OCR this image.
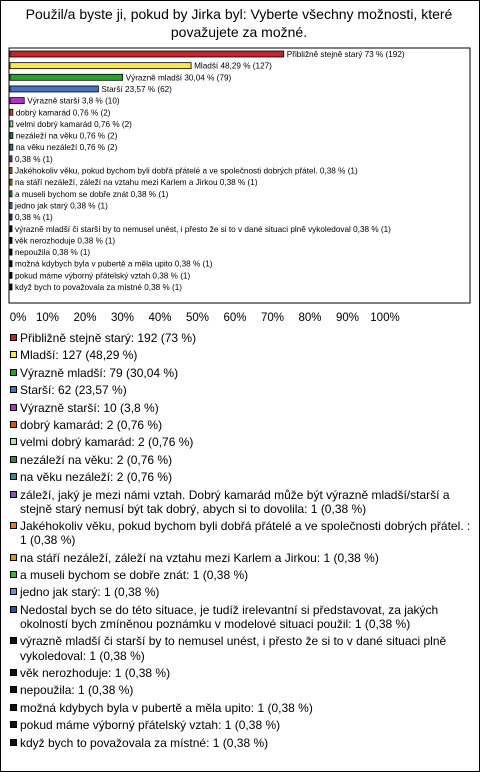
Použil/a byste ji, pokud by Jirka byl: Vyberte všechny možnosti, které
považujete za možné.
Přibližně stejně starý 73 % (192)
Mladší 48,29 % (127)
Výrazně mladší 30,04 % (79)
Starší 23,57 % (62)
Výrazně starší 3,8 % (10)
dobrý kamarád 0,76 % (2)
velmi dobrý kamarád 0,76 % (2)
nezáleží na věku 0,76 % (2)
na věku nezáleží 0,76 % (2)
0,38 % (1)
Jakéhokoliv věku, pokud bychom byli dobřá přátelé a ve společnosti dobrých přátel. 0,38 % (1)
na stáří nezáleží, záleží na vztahu mezi Karlem a Jirkou 0,38 % (1)
a museli bychom se dobře znát 0,38 % (1)
jedno jak starý 0,38 % (1)
0,38 % (1)
výrazně mladší či starší by to nemusel unést, i přesto že si to v dané situaci plně vykoledoval 0,38 % (1)
věk nerozhoduje 0,38 % (1)
nepoužila 0,38 % (1)
možná kdybych byla v pubertě a měla upito 0,38 % (1)
pokud máme výborný přátelský vztah 0,38 % (1)
když bych to považovala za místné 0,38 % (1)
0% 10% 20% 30% 40% 50% 60% 70% 80% 90% 100%
Přibližně stejně starý: 192 (73 %)
Mladší: 127 (48,29 %)
Výrazně mladší: 79 (30,04 %)
Starší: 62 (23,57 %)
Výrazně starší: 10 (3,8 %)
dobrý kamarád: 2 (0,76 %)
velmi dobrý kamarád: 2 (0,76 %)
nezáleží na věku: 2 (0,76 %)
na věku nezáleží: 2 (0,76 %)
záleží, jaký je mezi námi vztah. Dobrý kamarád může být výrazně mladší/starší a stejně starý nemusí být tak dobrý, abych si to dovolila: 1 (0,38 %)
Jakéhokoliv věku, pokud bychom byli dobřá přátelé a ve společnosti dobrých přátel. : 1 (0,38 %)
na stáří nezáleží, záleží na vztahu mezi Karlem a Jirkou: 1 (0,38 %)
a museli bychom se dobře znát: 1 (0,38 %)
jedno jak starý: 1 (0,38 %)
Nedostal bych se do této situace, je tudíž irelevantní si představovat, za jakých okolností bych zmíněnou poznámku v modelové situaci použil: 1 (0,38 %)
výrazně mladší či starší by to nemusel unést, i přesto že si to v dané situaci plně vykoledoval: 1 (0,38 %)
věk nerozhoduje: 1 (0,38 %)
nepoužila: 1 (0,38 %)
možná kdybych byla v pubertě a měla upito: 1 (0,38 %)
pokud máme výborný přátelský vztah: 1 (0,38 %)
když bych to považovala za místné: 1 (0,38 %)
